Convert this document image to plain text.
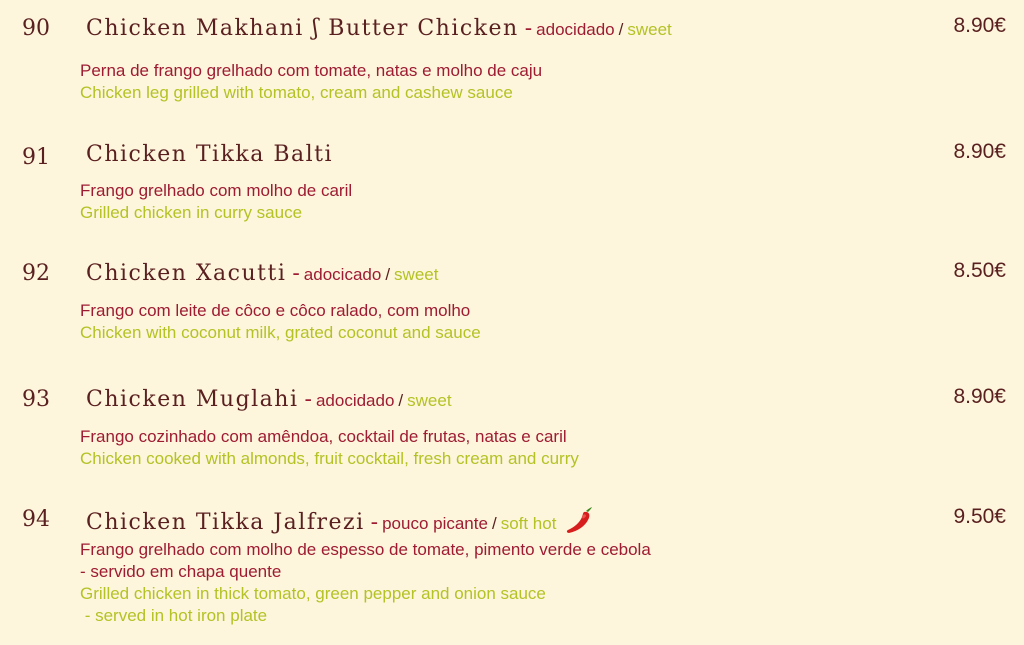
90 Chicken Makhani ʃ Butter Chicken - adocidado / sweet	8.90€
Perna de frango grelhado com tomate, natas e molho de caju
Chicken leg grilled with tomato, cream and cashew sauce
91 Chicken Tikka Balti	8.90€
Frango grelhado com molho de caril
Grilled chicken in curry sauce
92 Chicken Xacutti - adocicado / sweet	8.50€
Frango com leite de côco e côco ralado, com molho
Chicken with coconut milk, grated coconut and sauce
93 Chicken Muglahi - adocidado / sweet	8.90€
Frango cozinhado com amêndoa, cocktail de frutas, natas e caril
Chicken cooked with almonds, fruit cocktail, fresh cream and curry
94 Chicken Tikka Jalfrezi - pouco picante / soft hot	9.50€
Frango grelhado com molho de espesso de tomate, pimento verde e cebola
- servido em chapa quente
Grilled chicken in thick tomato, green pepper and onion sauce
- served in hot iron plate
